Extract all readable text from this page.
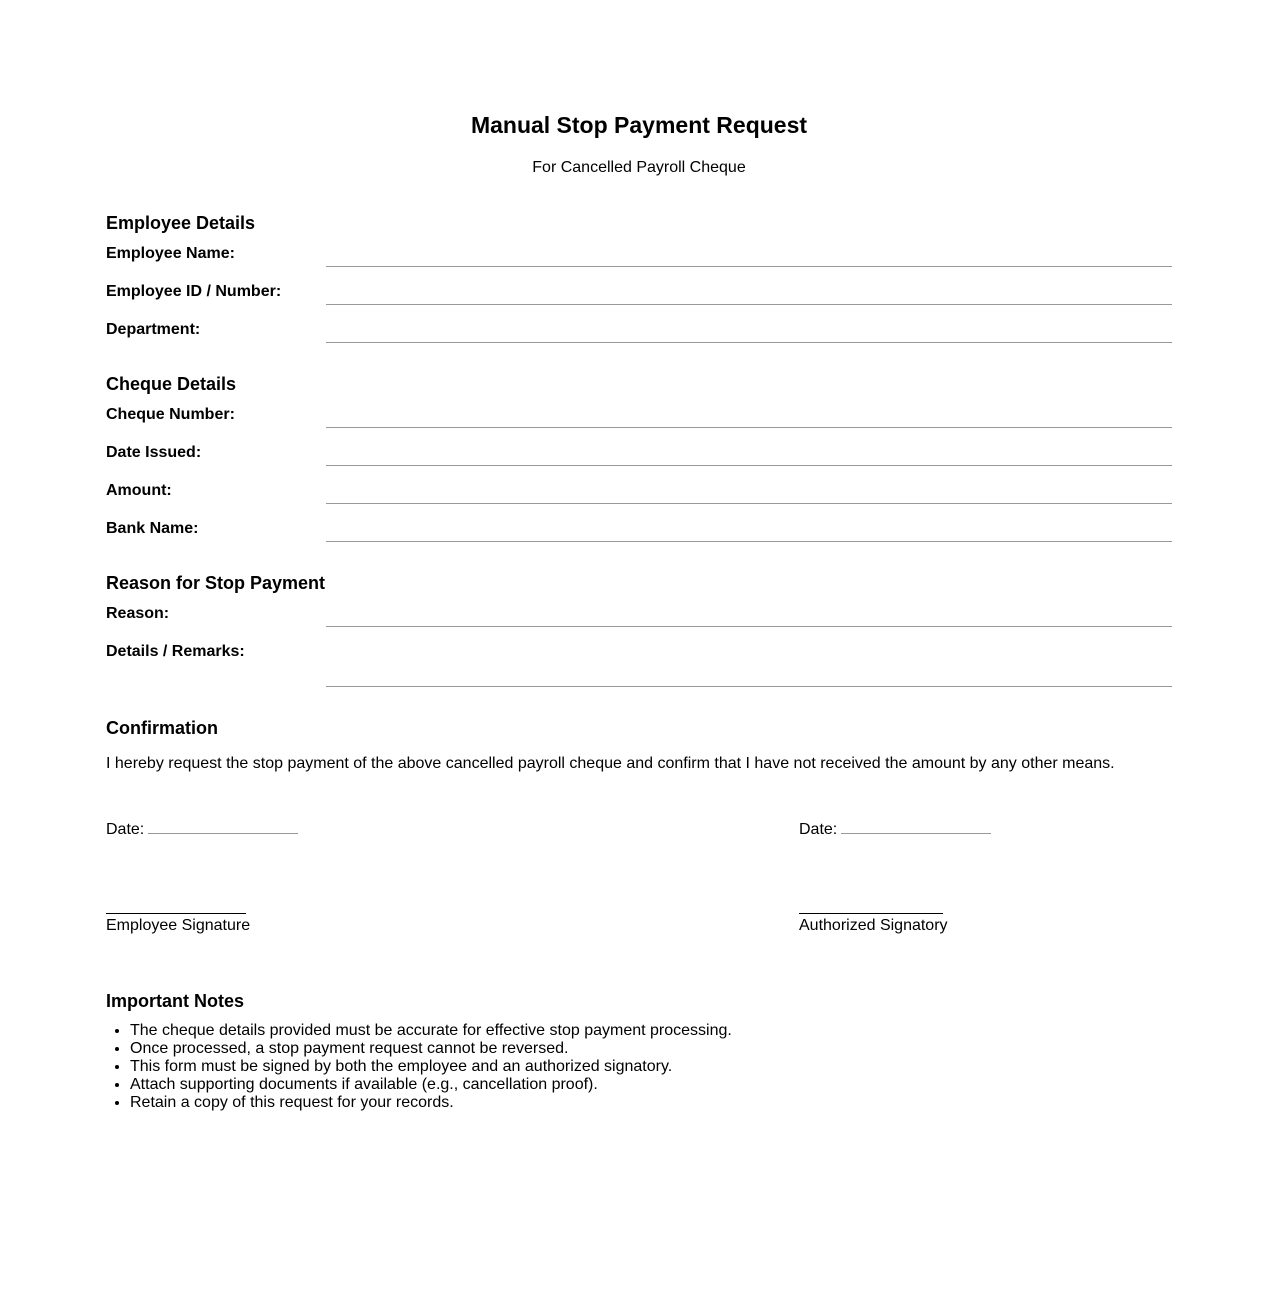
Manual Stop Payment Request
For Cancelled Payroll Cheque
Employee Details
Employee Name:
Employee ID / Number:
Department:
Cheque Details
Cheque Number:
Date Issued:
Amount:
Bank Name:
Reason for Stop Payment
Reason:
Details / Remarks:
Confirmation
I hereby request the stop payment of the above cancelled payroll cheque and confirm that I have not received the amount by any other means.
Date:	Date:
Employee Signature	Authorized Signatory
Important Notes
• The cheque details provided must be accurate for effective stop payment processing.
• Once processed, a stop payment request cannot be reversed.
• This form must be signed by both the employee and an authorized signatory.
• Attach supporting documents if available (e.g., cancellation proof).
• Retain a copy of this request for your records.
